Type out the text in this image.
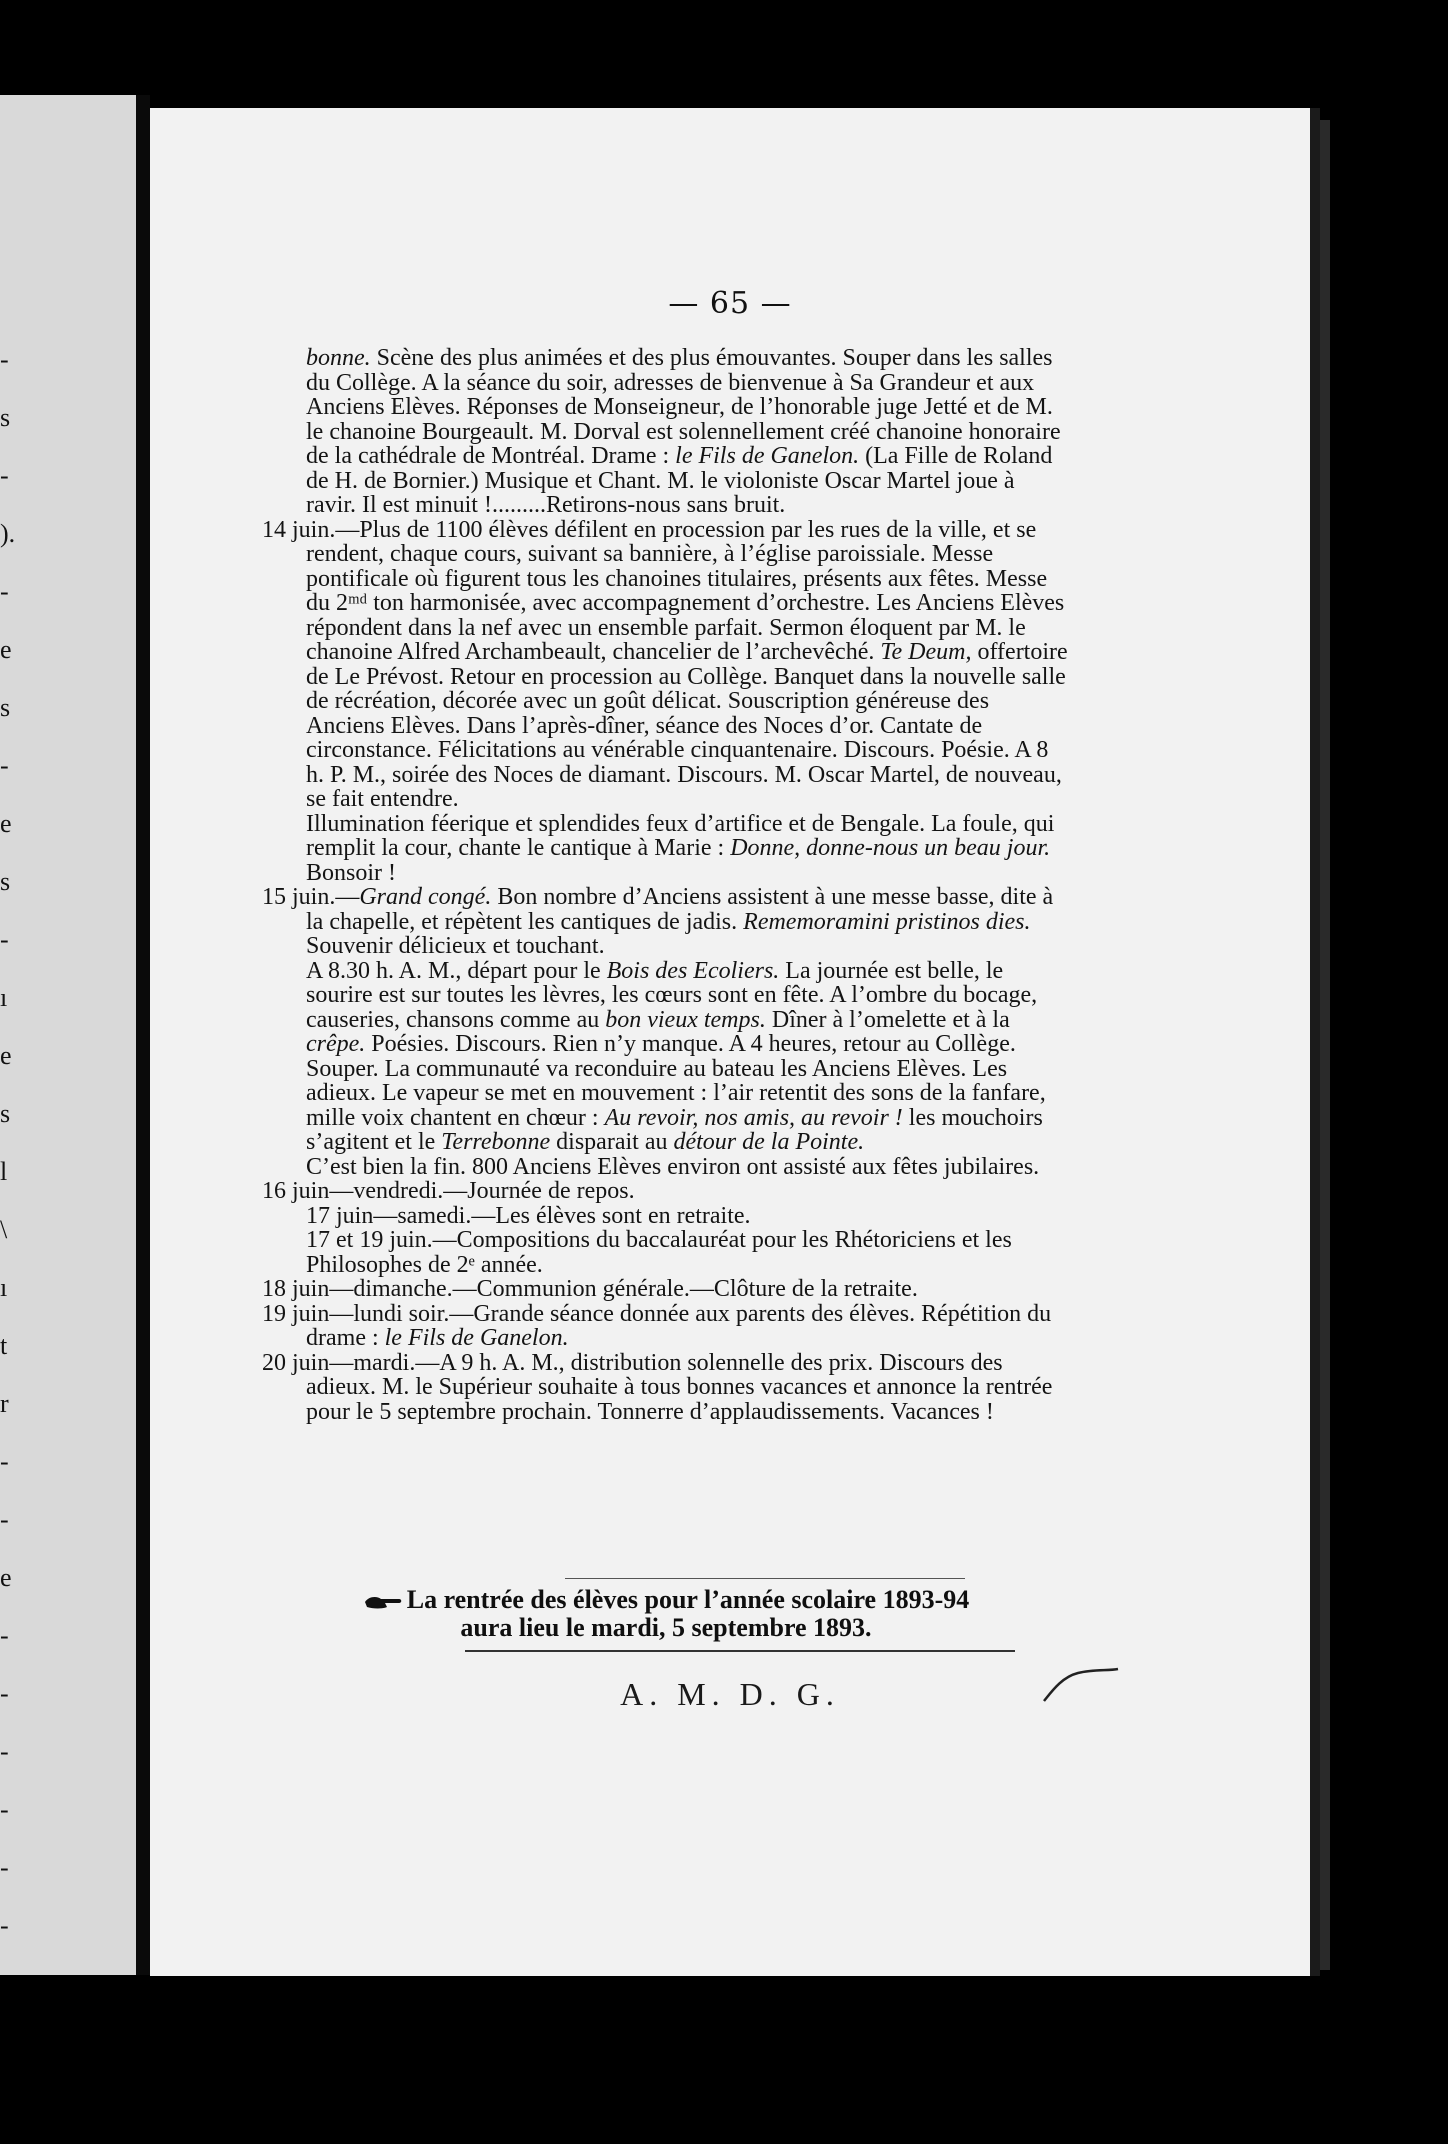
-
s
-
).
-
e
s
-
e
s
-
ı
e
s
l
\
ı
t
r
-
-
e
-
-
-
-
-
-
— 65 —

bonne. Scène des plus animées et des plus émouvantes. Souper dans les salles du Collège. A la séance du soir, adresses de bienvenue à Sa Grandeur et aux Anciens Elèves. Réponses de Monseigneur, de l’honorable juge Jetté et de M. le chanoine Bourgeault. M. Dorval est solennellement créé chanoine honoraire de la cathédrale de Montréal. Drame : le Fils de Ganelon. (La Fille de Roland de H. de Bornier.) Musique et Chant. M. le violoniste Oscar Martel joue à ravir. Il est minuit !.........Retirons-nous sans bruit.

14 juin.—Plus de 1100 élèves défilent en procession par les rues de la ville, et se rendent, chaque cours, suivant sa bannière, à l’église paroissiale. Messe pontificale où figurent tous les chanoines titulaires, présents aux fêtes. Messe du 2ᵐᵈ ton harmonisée, avec accompagnement d’orchestre. Les Anciens Elèves répondent dans la nef avec un ensemble parfait. Sermon éloquent par M. le chanoine Alfred Archambeault, chancelier de l’archevêché. Te Deum, offertoire de Le Prévost. Retour en procession au Collège. Banquet dans la nouvelle salle de récréation, décorée avec un goût délicat. Souscription généreuse des Anciens Elèves. Dans l’après-dîner, séance des Noces d’or. Cantate de circonstance. Félicitations au vénérable cinquantenaire. Discours. Poésie. A 8 h. P. M., soirée des Noces de diamant. Discours. M. Oscar Martel, de nouveau, se fait entendre.

Illumination féerique et splendides feux d’artifice et de Bengale. La foule, qui remplit la cour, chante le cantique à Marie : Donne, donne-nous un beau jour. Bonsoir !

15 juin.—Grand congé. Bon nombre d’Anciens assistent à une messe basse, dite à la chapelle, et répètent les cantiques de jadis. Rememoramini pristinos dies. Souvenir délicieux et touchant.

A 8.30 h. A. M., départ pour le Bois des Ecoliers. La journée est belle, le sourire est sur toutes les lèvres, les cœurs sont en fête. A l’ombre du bocage, causeries, chansons comme au bon vieux temps. Dîner à l’omelette et à la crêpe. Poésies. Discours. Rien n’y manque. A 4 heures, retour au Collège. Souper. La communauté va reconduire au bateau les Anciens Elèves. Les adieux. Le vapeur se met en mouvement : l’air retentit des sons de la fanfare, mille voix chantent en chœur : Au revoir, nos amis, au revoir ! les mouchoirs s’agitent et le Terrebonne disparait au détour de la Pointe.

C’est bien la fin. 800 Anciens Elèves environ ont assisté aux fêtes jubilaires.

16 juin—vendredi.—Journée de repos.

17 juin—samedi.—Les élèves sont en retraite.

17 et 19 juin.—Compositions du baccalauréat pour les Rhétoriciens et les Philosophes de 2ᵉ année.

18 juin—dimanche.—Communion générale.—Clôture de la retraite.

19 juin—lundi soir.—Grande séance donnée aux parents des élèves. Répétition du drame : le Fils de Ganelon.

20 juin—mardi.—A 9 h. A. M., distribution solennelle des prix. Discours des adieux. M. le Supérieur souhaite à tous bonnes vacances et annonce la rentrée pour le 5 septembre prochain. Tonnerre d’applaudissements. Vacances !

La rentrée des élèves pour l’année scolaire 1893-94
aura lieu le mardi, 5 septembre 1893.
A. M. D. G.
